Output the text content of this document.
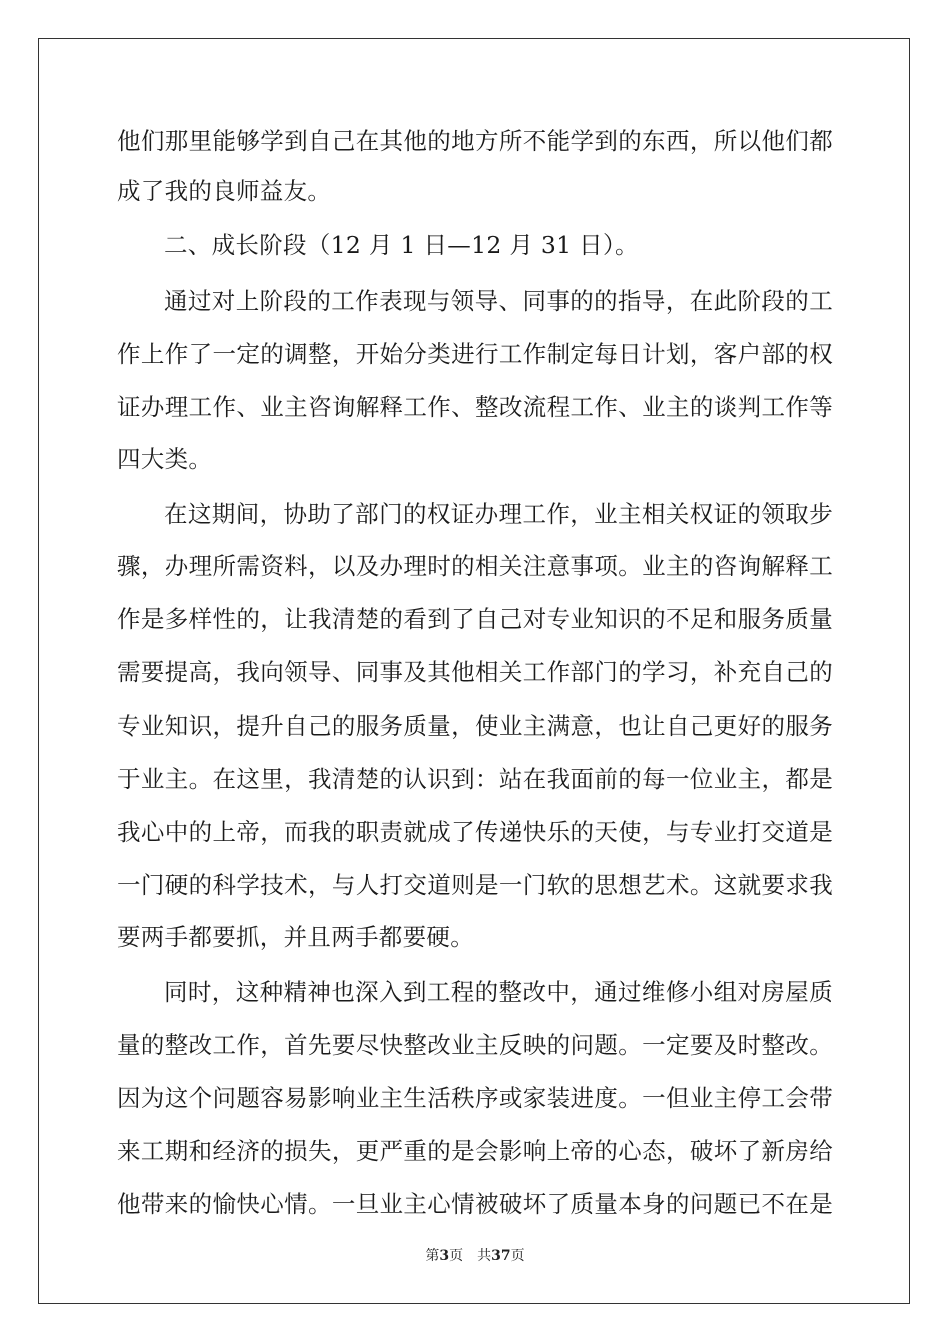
他们那里能够学到自己在其他的地方所不能学到的东西，所以他们都
成了我的良师益友。
二、成长阶段（12 月 1 日—12 月 31 日）。
通过对上阶段的工作表现与领导、同事的的指导，在此阶段的工
作上作了一定的调整，开始分类进行工作制定每日计划，客户部的权
证办理工作、业主咨询解释工作、整改流程工作、业主的谈判工作等
四大类。
在这期间，协助了部门的权证办理工作，业主相关权证的领取步
骤，办理所需资料，以及办理时的相关注意事项。业主的咨询解释工
作是多样性的，让我清楚的看到了自己对专业知识的不足和服务质量
需要提高，我向领导、同事及其他相关工作部门的学习，补充自己的
专业知识，提升自己的服务质量，使业主满意，也让自己更好的服务
于业主。在这里，我清楚的认识到：站在我面前的每一位业主，都是
我心中的上帝，而我的职责就成了传递快乐的天使，与专业打交道是
一门硬的科学技术，与人打交道则是一门软的思想艺术。这就要求我
要两手都要抓，并且两手都要硬。
同时，这种精神也深入到工程的整改中，通过维修小组对房屋质
量的整改工作，首先要尽快整改业主反映的问题。一定要及时整改。
因为这个问题容易影响业主生活秩序或家装进度。一但业主停工会带
来工期和经济的损失，更严重的是会影响上帝的心态，破坏了新房给
他带来的愉快心情。一旦业主心情被破坏了质量本身的问题已不在是
第3页 共37页
